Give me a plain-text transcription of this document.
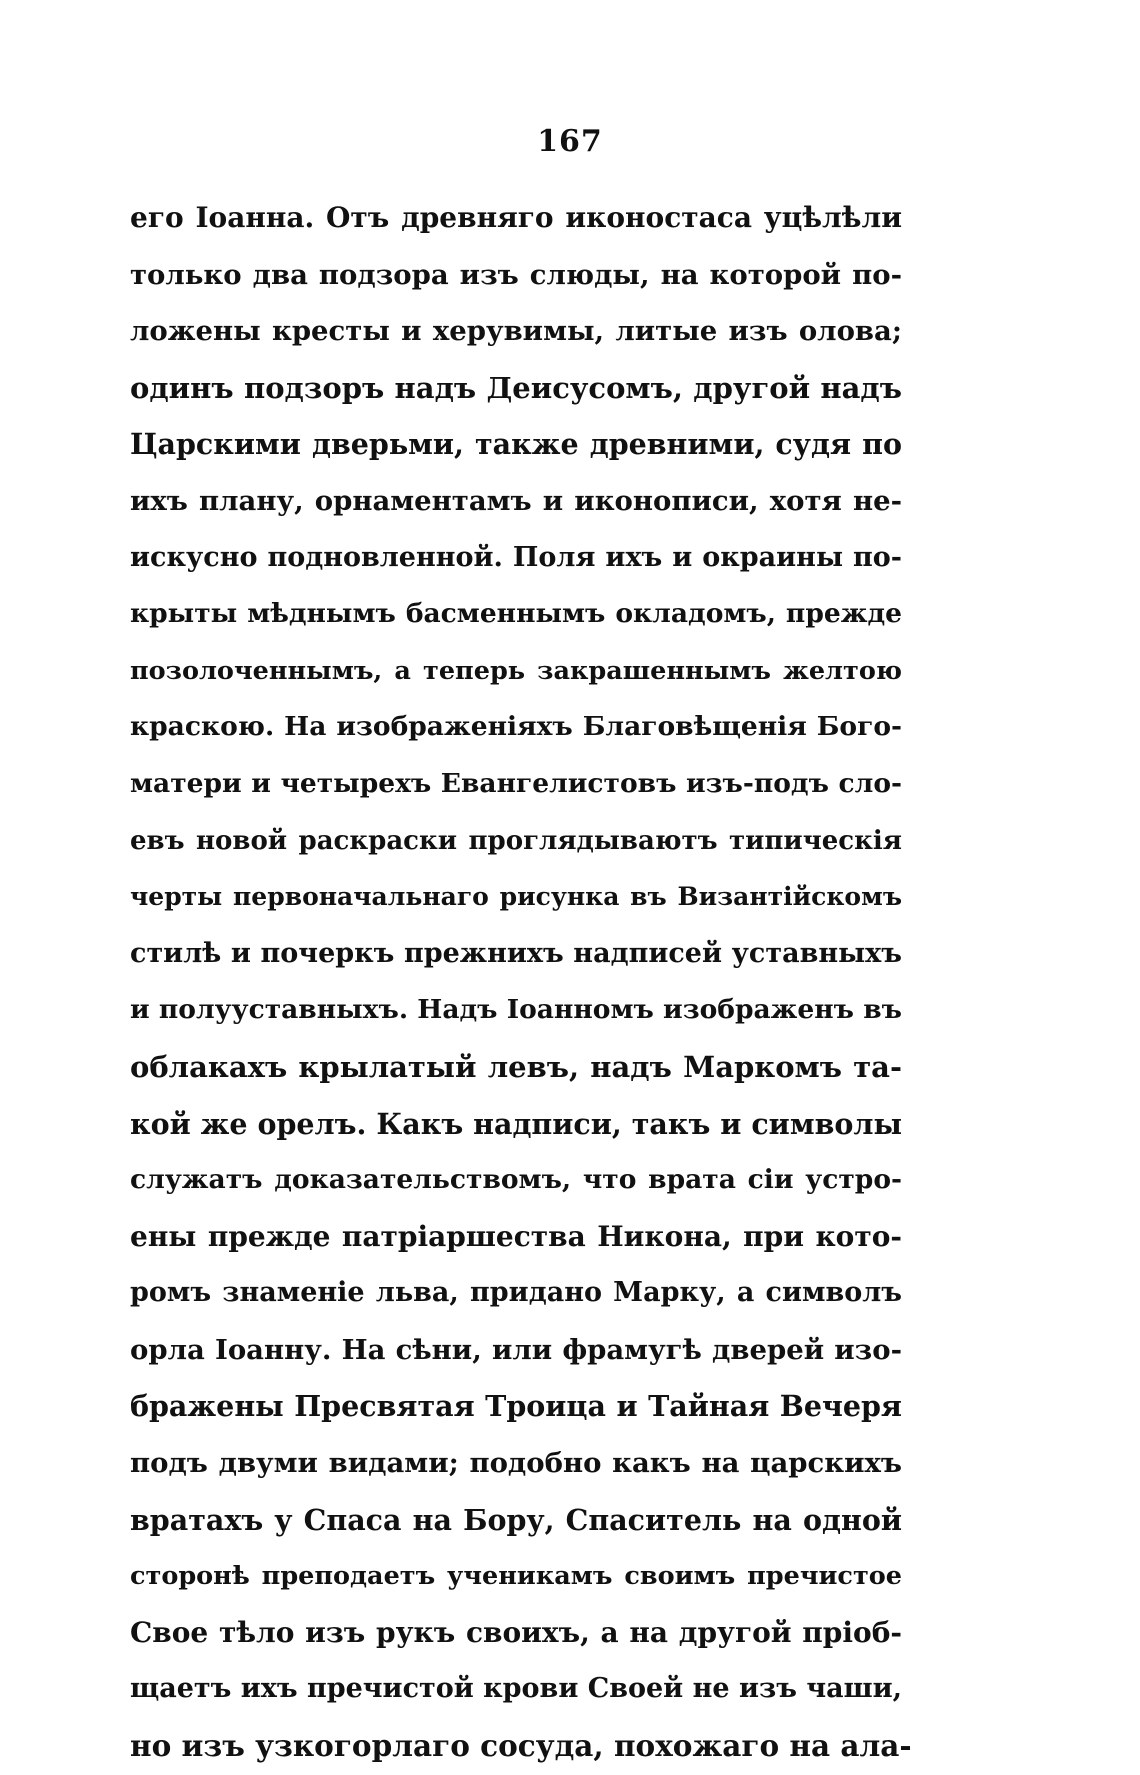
167
его Іоанна. Отъ древняго иконостаса уцѣлѣли
только два подзора изъ слюды, на которой по-
ложены кресты и херувимы, литые изъ олова;
одинъ подзоръ надъ Деисусомъ, другой надъ
Царскими дверьми, также древними, судя по
ихъ плану, орнаментамъ и иконописи, хотя не-
искусно подновленной. Поля ихъ и окраины по-
крыты мѣднымъ басменнымъ окладомъ, прежде
позолоченнымъ, а теперь закрашеннымъ желтою
краскою. На изображеніяхъ Благовѣщенія Бого-
матери и четырехъ Евангелистовъ изъ-подъ сло-
евъ новой раскраски проглядываютъ типическія
черты первоначальнаго рисунка въ Византійскомъ
стилѣ и почеркъ прежнихъ надписей уставныхъ
и полууставныхъ. Надъ Іоанномъ изображенъ въ
облакахъ крылатый левъ, надъ Маркомъ та-
кой же орелъ. Какъ надписи, такъ и символы
служатъ доказательствомъ, что врата сіи устро-
ены прежде патріаршества Никона, при кото-
ромъ знаменіе льва, придано Марку, а символъ
орла Іоанну. На сѣни, или фрамугѣ дверей изо-
бражены Пресвятая Троица и Тайная Вечеря
подъ двуми видами; подобно какъ на царскихъ
вратахъ у Спаса на Бору, Спаситель на одной
сторонѣ преподаетъ ученикамъ своимъ пречистое
Свое тѣло изъ рукъ своихъ, а на другой пріоб-
щаетъ ихъ пречистой крови Своей не изъ чаши,
но изъ узкогорлаго сосуда, похожаго на ала-
